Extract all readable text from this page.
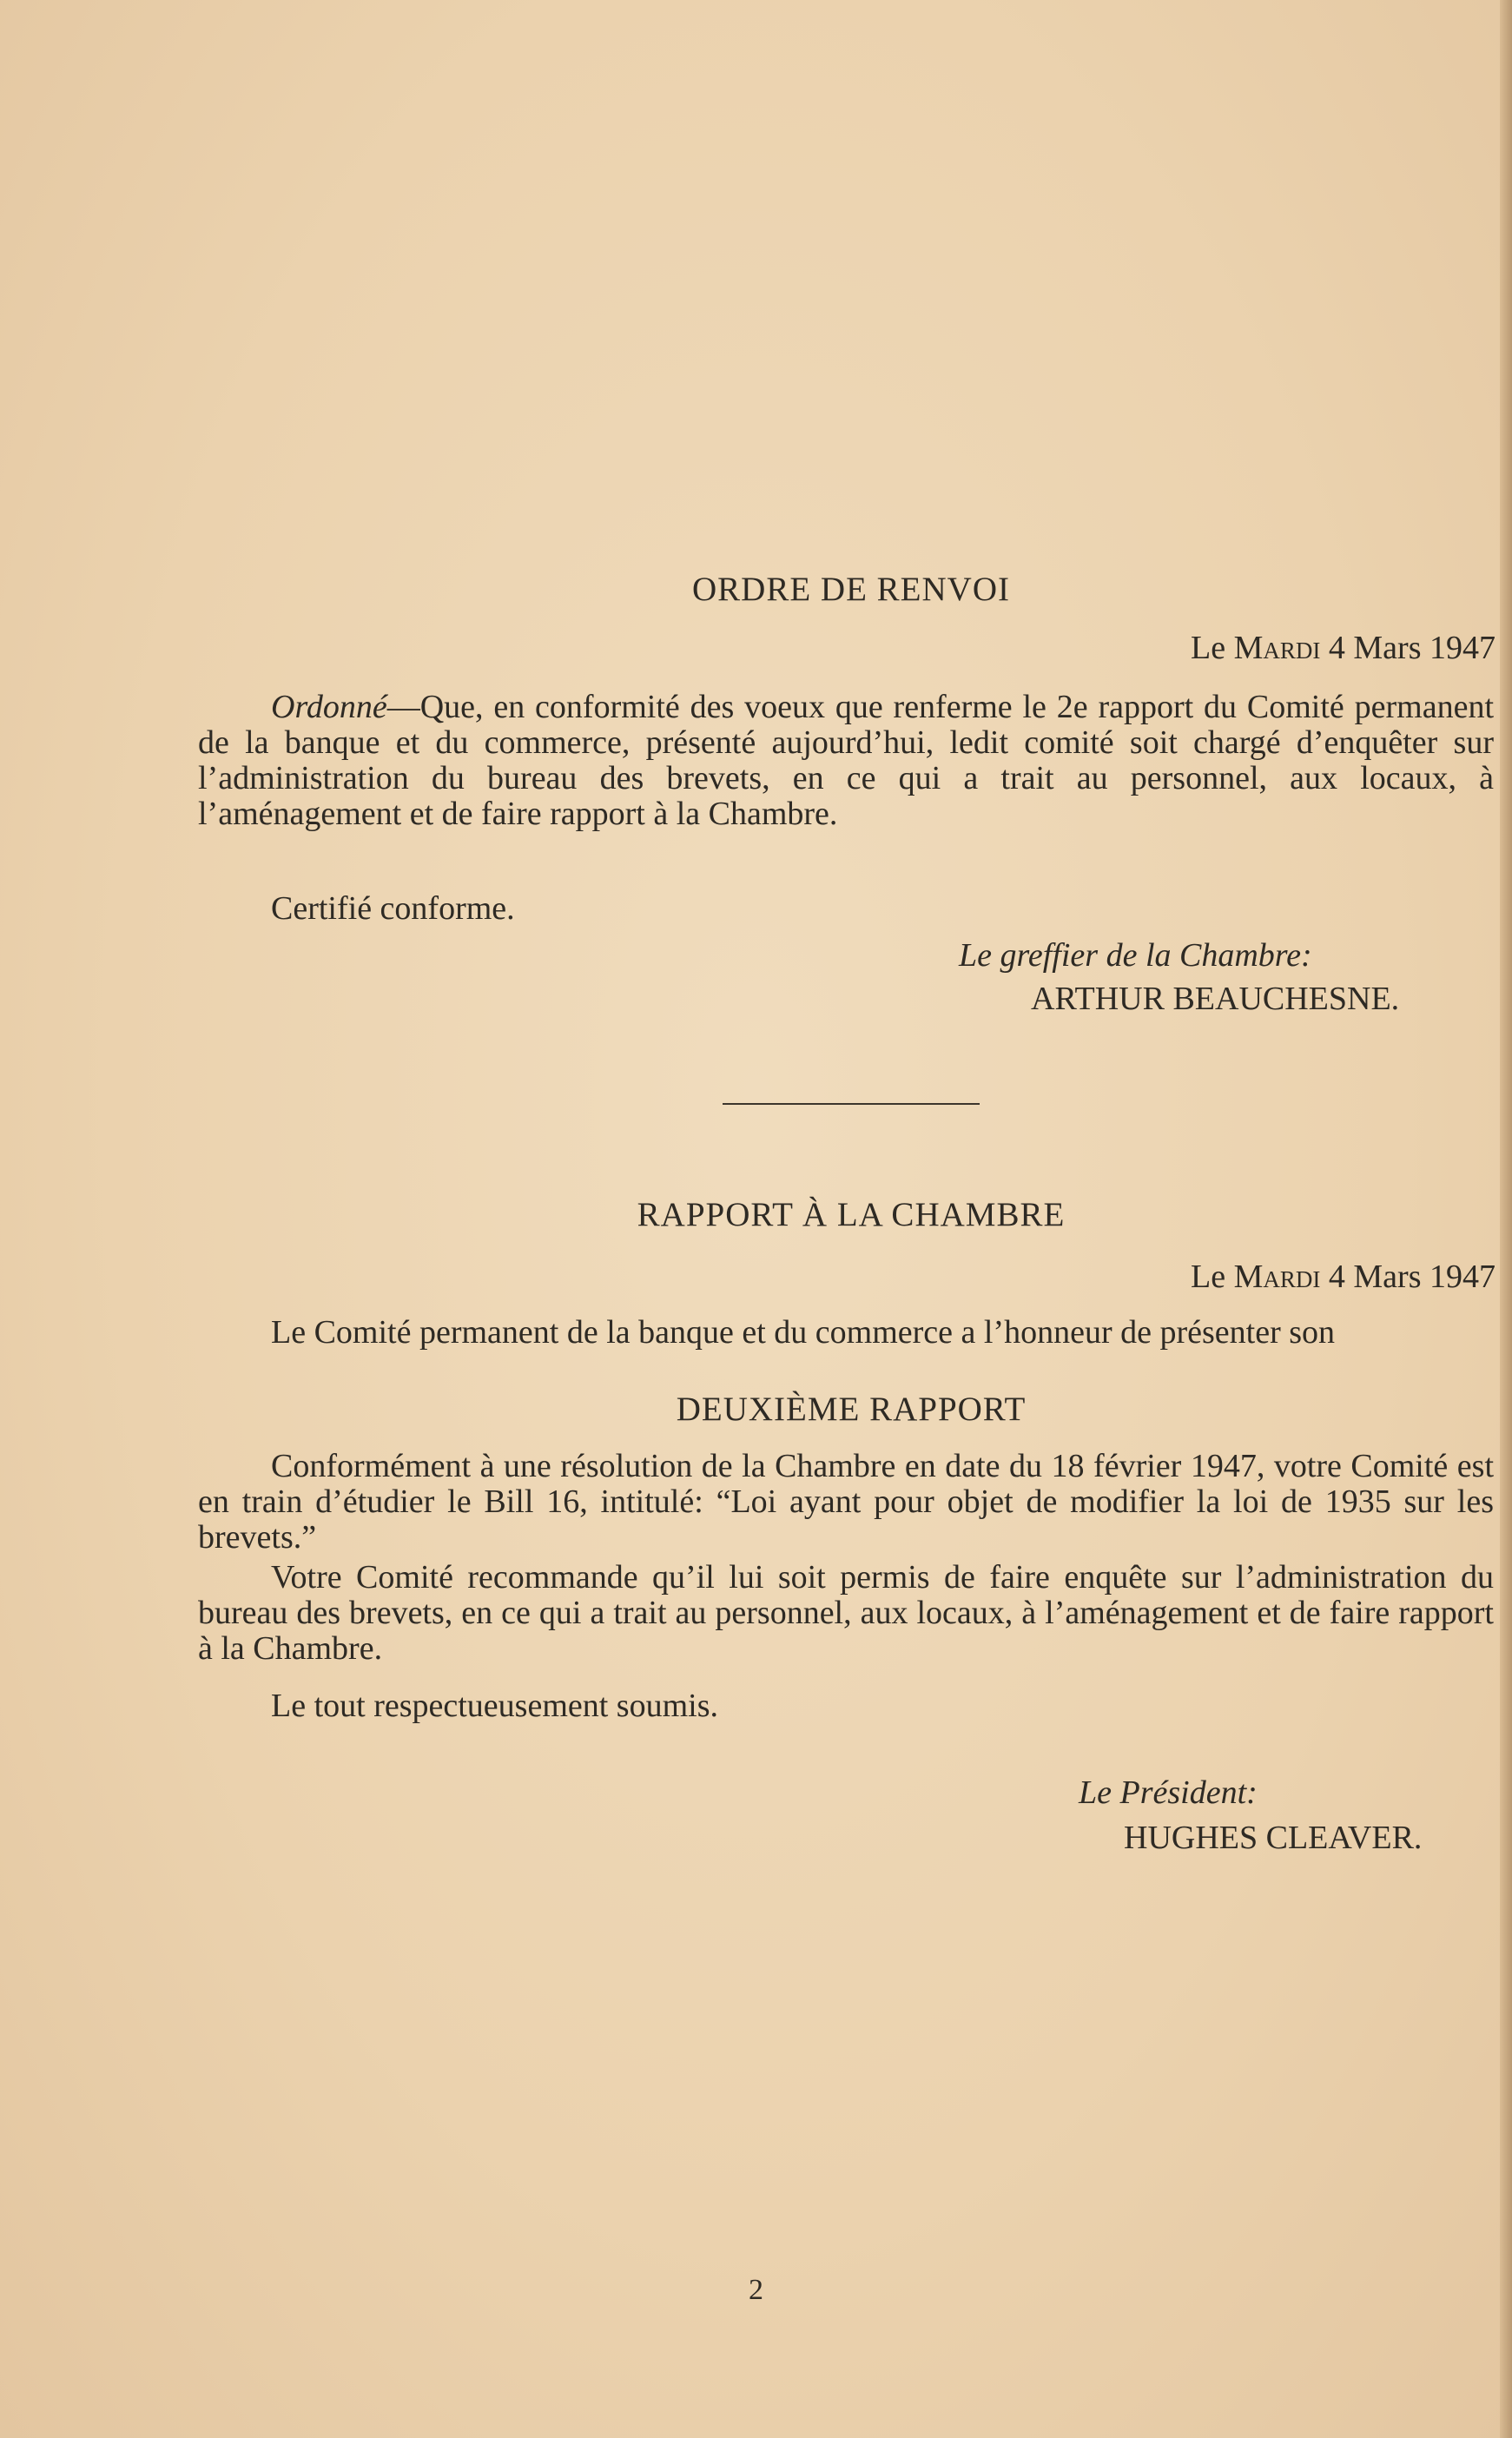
ORDRE DE RENVOI
Le Mardi 4 Mars 1947
Ordonné—Que, en conformité des voeux que renferme le 2e rapport du Comité permanent de la banque et du commerce, présenté aujourd’hui, ledit comité soit chargé d’enquêter sur l’administration du bureau des brevets, en ce qui a trait au personnel, aux locaux, à l’aménagement et de faire rapport à la Chambre.
Certifié conforme.
Le greffier de la Chambre:
ARTHUR BEAUCHESNE.
RAPPORT À LA CHAMBRE
Le Mardi 4 Mars 1947
Le Comité permanent de la banque et du commerce a l’honneur de présenter son
DEUXIÈME RAPPORT
Conformément à une résolution de la Chambre en date du 18 février 1947, votre Comité est en train d’étudier le Bill 16, intitulé: “Loi ayant pour objet de modifier la loi de 1935 sur les brevets.”
Votre Comité recommande qu’il lui soit permis de faire enquête sur l’administration du bureau des brevets, en ce qui a trait au personnel, aux locaux, à l’aménagement et de faire rapport à la Chambre.
Le tout respectueusement soumis.
Le Président:
HUGHES CLEAVER.
2
